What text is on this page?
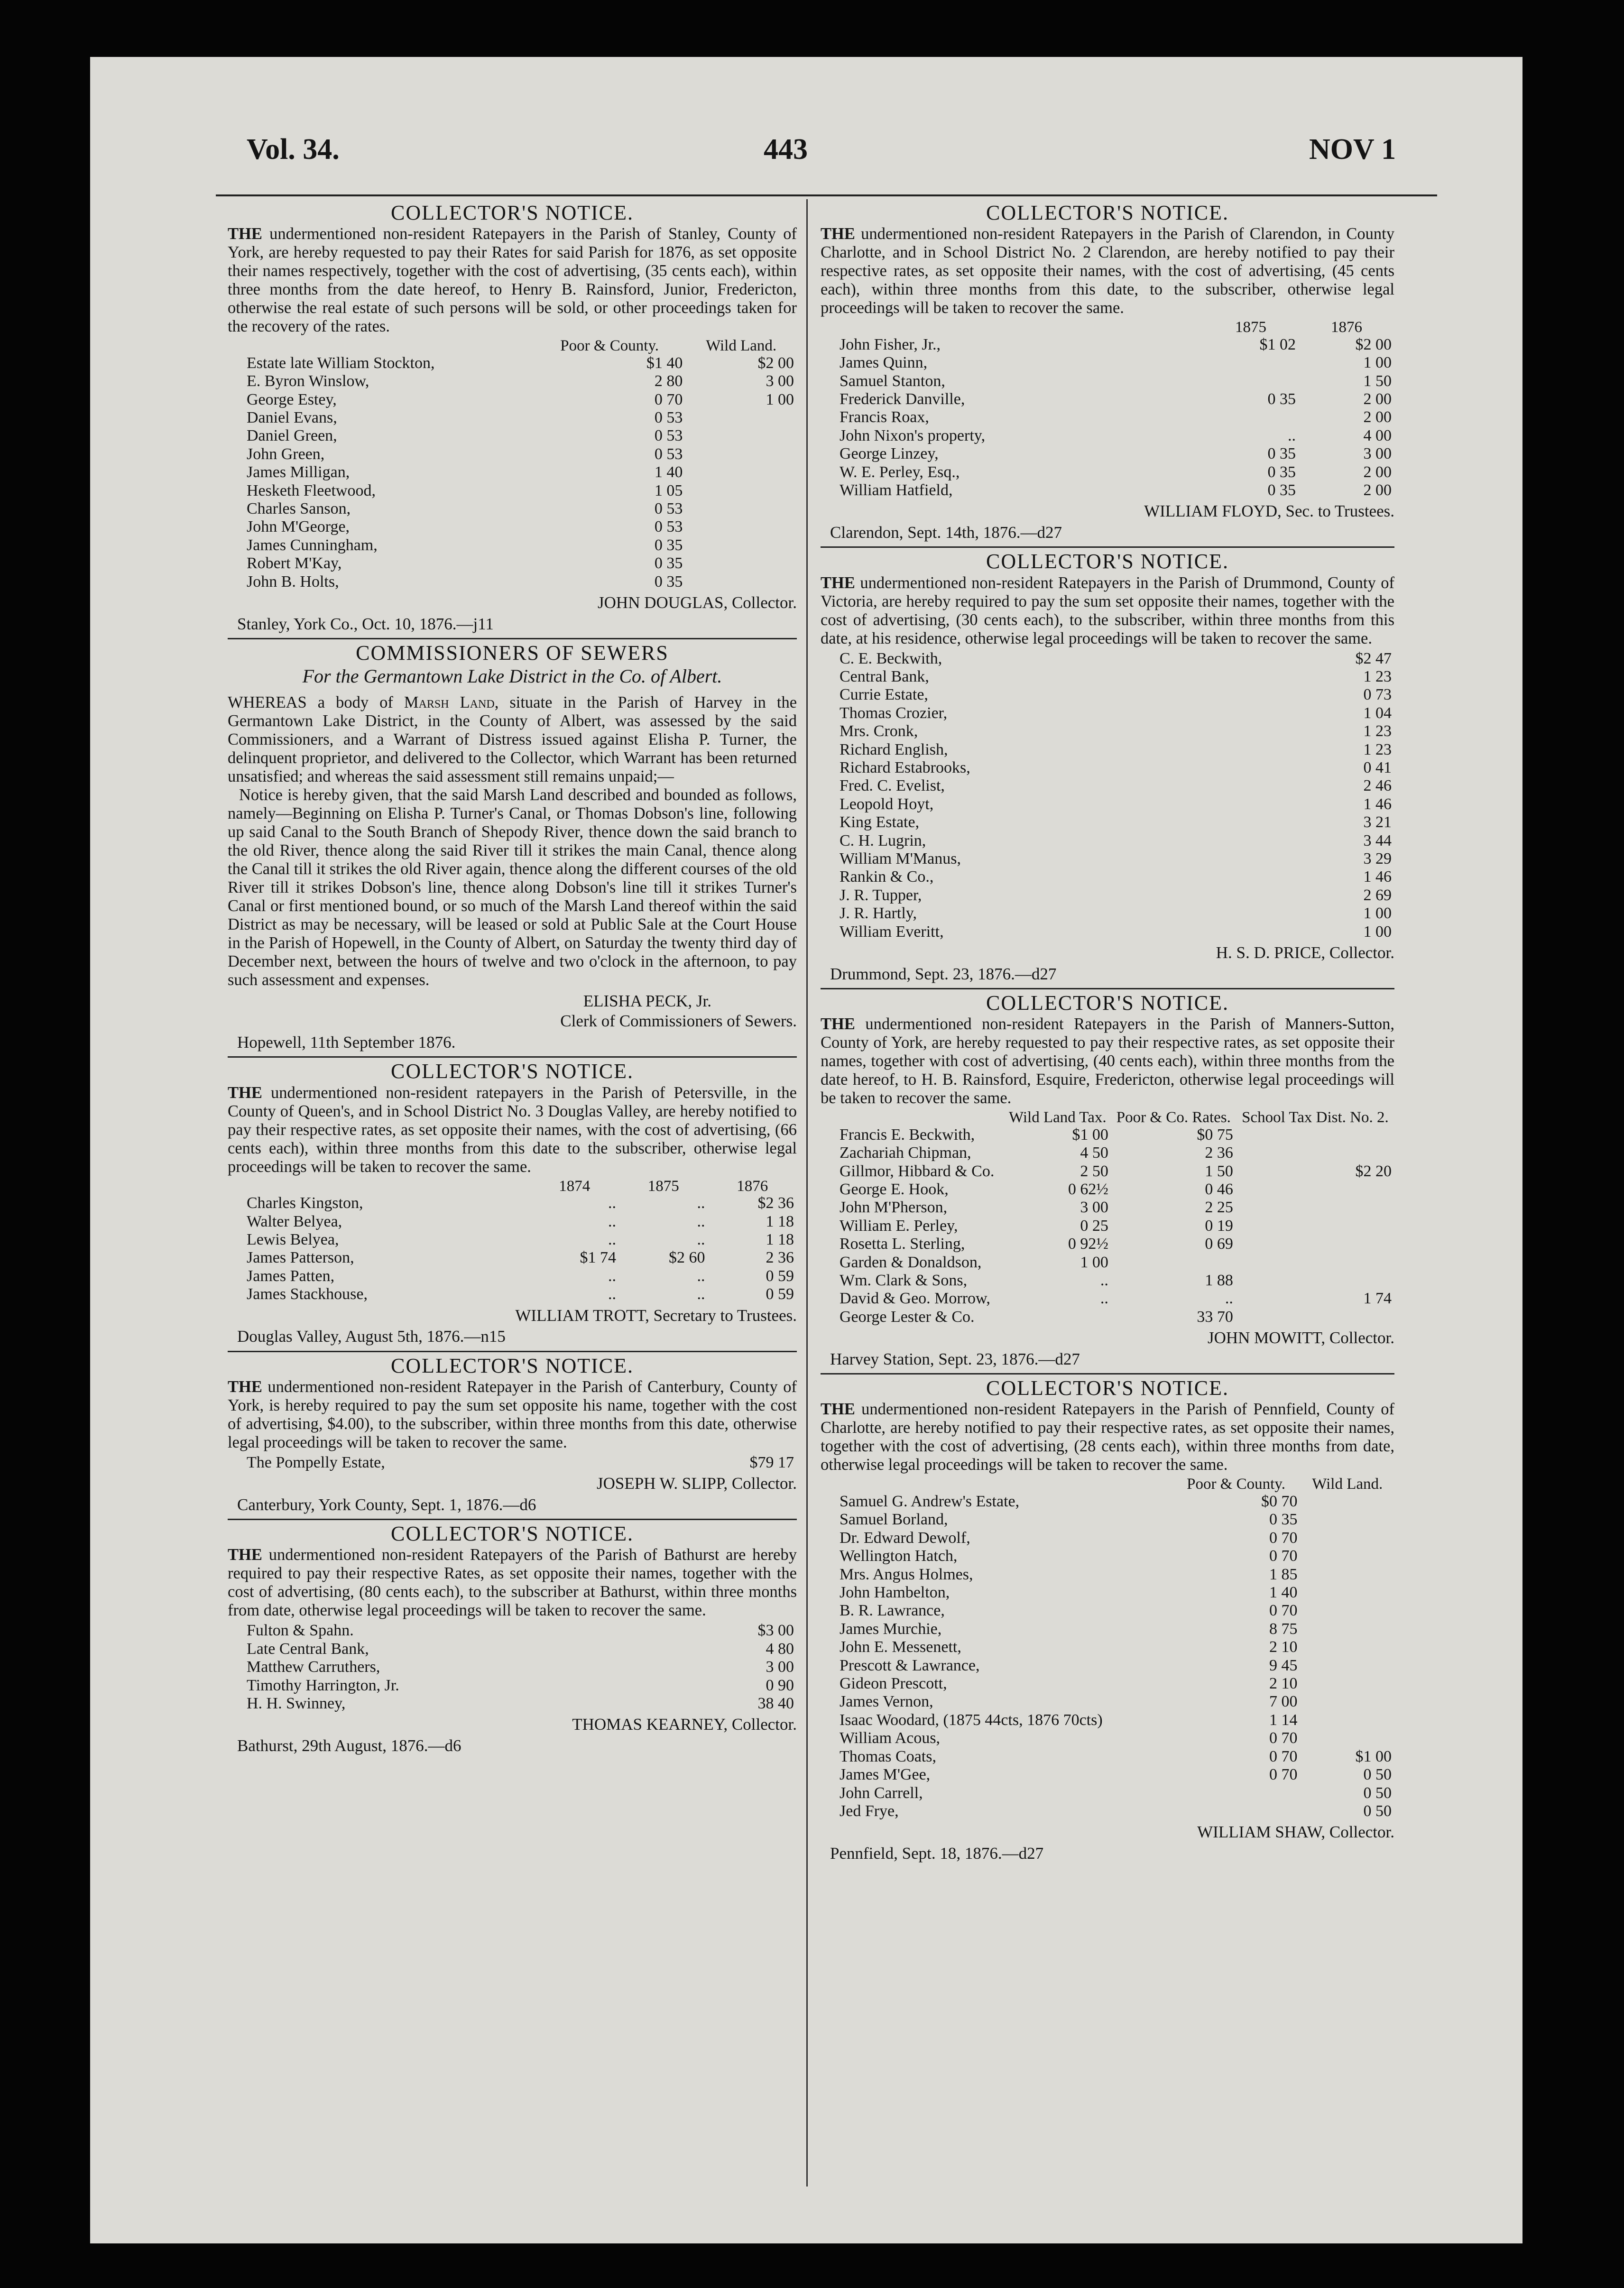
Vol. 34.	443	NOV 1
COLLECTOR'S NOTICE.

THE undermentioned non-resident Ratepayers in the Parish of Stanley, County of York, are hereby requested to pay their Rates for said Parish for 1876, as set opposite their names respectively, together with the cost of advertising, (35 cents each), within three months from the date hereof, to Henry B. Rainsford, Junior, Fredericton, otherwise the real estate of such persons will be sold, or other proceedings taken for the recovery of the rates.

	Poor & County.	Wild Land.
Estate late William Stockton,	$1 40	$2 00
E. Byron Winslow,	2 80	3 00
George Estey,	0 70	1 00
Daniel Evans,	0 53	
Daniel Green,	0 53	
John Green,	0 53	
James Milligan,	1 40	
Hesketh Fleetwood,	1 05	
Charles Sanson,	0 53	
John M'George,	0 53	
James Cunningham,	0 35	
Robert M'Kay,	0 35	
John B. Holts,	0 35	
JOHN DOUGLAS, Collector.
Stanley, York Co., Oct. 10, 1876.—j11
COMMISSIONERS OF SEWERS
For the Germantown Lake District in the Co. of Albert.

WHEREAS a body of Marsh Land, situate in the Parish of Harvey in the Germantown Lake District, in the County of Albert, was assessed by the said Commissioners, and a Warrant of Distress issued against Elisha P. Turner, the delinquent proprietor, and delivered to the Collector, which Warrant has been returned unsatisfied; and whereas the said assessment still remains unpaid;—

Notice is hereby given, that the said Marsh Land described and bounded as follows, namely—Beginning on Elisha P. Turner's Canal, or Thomas Dobson's line, following up said Canal to the South Branch of Shepody River, thence down the said branch to the old River, thence along the said River till it strikes the main Canal, thence along the Canal till it strikes the old River again, thence along the different courses of the old River till it strikes Dobson's line, thence along Dobson's line till it strikes Turner's Canal or first mentioned bound, or so much of the Marsh Land thereof within the said District as may be necessary, will be leased or sold at Public Sale at the Court House in the Parish of Hopewell, in the County of Albert, on Saturday the twenty third day of December next, between the hours of twelve and two o'clock in the afternoon, to pay such assessment and expenses.

ELISHA PECK, Jr.
Clerk of Commissioners of Sewers.
Hopewell, 11th September 1876.
COLLECTOR'S NOTICE.

THE undermentioned non-resident ratepayers in the Parish of Petersville, in the County of Queen's, and in School District No. 3 Douglas Valley, are hereby notified to pay their respective rates, as set opposite their names, with the cost of advertising, (66 cents each), within three months from this date to the subscriber, otherwise legal proceedings will be taken to recover the same.

	1874	1875	1876
Charles Kingston,	..	..	$2 36
Walter Belyea,	..	..	1 18
Lewis Belyea,	..	..	1 18
James Patterson,	$1 74	$2 60	2 36
James Patten,	..	..	0 59
James Stackhouse,	..	..	0 59
WILLIAM TROTT, Secretary to Trustees.
Douglas Valley, August 5th, 1876.—n15
COLLECTOR'S NOTICE.

THE undermentioned non-resident Ratepayer in the Parish of Canterbury, County of York, is hereby required to pay the sum set opposite his name, together with the cost of advertising, $4.00), to the subscriber, within three months from this date, otherwise legal proceedings will be taken to recover the same.

The Pompelly Estate,	$79 17
JOSEPH W. SLIPP, Collector.
Canterbury, York County, Sept. 1, 1876.—d6
COLLECTOR'S NOTICE.

THE undermentioned non-resident Ratepayers of the Parish of Bathurst are hereby required to pay their respective Rates, as set opposite their names, together with the cost of advertising, (80 cents each), to the subscriber at Bathurst, within three months from date, otherwise legal proceedings will be taken to recover the same.

Fulton & Spahn.	$3 00
Late Central Bank,	4 80
Matthew Carruthers,	3 00
Timothy Harrington, Jr.	0 90
H. H. Swinney,	38 40
THOMAS KEARNEY, Collector.
Bathurst, 29th August, 1876.—d6
COLLECTOR'S NOTICE.

THE undermentioned non-resident Ratepayers in the Parish of Clarendon, in County Charlotte, and in School District No. 2 Clarendon, are hereby notified to pay their respective rates, as set opposite their names, with the cost of advertising, (45 cents each), within three months from this date, to the subscriber, otherwise legal proceedings will be taken to recover the same.

	1875	1876
John Fisher, Jr.,	$1 02	$2 00
James Quinn,		1 00
Samuel Stanton,		1 50
Frederick Danville,	0 35	2 00
Francis Roax,		2 00
John Nixon's property,	..	4 00
George Linzey,	0 35	3 00
W. E. Perley, Esq.,	0 35	2 00
William Hatfield,	0 35	2 00
WILLIAM FLOYD, Sec. to Trustees.
Clarendon, Sept. 14th, 1876.—d27
COLLECTOR'S NOTICE.

THE undermentioned non-resident Ratepayers in the Parish of Drummond, County of Victoria, are hereby required to pay the sum set opposite their names, together with the cost of advertising, (30 cents each), to the subscriber, within three months from this date, at his residence, otherwise legal proceedings will be taken to recover the same.

C. E. Beckwith,	$2 47
Central Bank,	1 23
Currie Estate,	0 73
Thomas Crozier,	1 04
Mrs. Cronk,	1 23
Richard English,	1 23
Richard Estabrooks,	0 41
Fred. C. Evelist,	2 46
Leopold Hoyt,	1 46
King Estate,	3 21
C. H. Lugrin,	3 44
William M'Manus,	3 29
Rankin & Co.,	1 46
J. R. Tupper,	2 69
J. R. Hartly,	1 00
William Everitt,	1 00
H. S. D. PRICE, Collector.
Drummond, Sept. 23, 1876.—d27
COLLECTOR'S NOTICE.

THE undermentioned non-resident Ratepayers in the Parish of Manners-Sutton, County of York, are hereby requested to pay their respective rates, as set opposite their names, together with cost of advertising, (40 cents each), within three months from the date hereof, to H. B. Rainsford, Esquire, Fredericton, otherwise legal proceedings will be taken to recover the same.

	Wild Land Tax.	Poor & Co. Rates.	School Tax Dist. No. 2.
Francis E. Beckwith,	$1 00	$0 75	
Zachariah Chipman,	4 50	2 36	
Gillmor, Hibbard & Co.	2 50	1 50	$2 20
George E. Hook,	0 62½	0 46	
John M'Pherson,	3 00	2 25	
William E. Perley,	0 25	0 19	
Rosetta L. Sterling,	0 92½	0 69	
Garden & Donaldson,	1 00		
Wm. Clark & Sons,	..	1 88	
David & Geo. Morrow,	..	..	1 74
George Lester & Co.		33 70	
JOHN MOWITT, Collector.
Harvey Station, Sept. 23, 1876.—d27
COLLECTOR'S NOTICE.

THE undermentioned non-resident Ratepayers in the Parish of Pennfield, County of Charlotte, are hereby notified to pay their respective rates, as set opposite their names, together with the cost of advertising, (28 cents each), within three months from date, otherwise legal proceedings will be taken to recover the same.

	Poor & County.	Wild Land.
Samuel G. Andrew's Estate,	$0 70	
Samuel Borland,	0 35	
Dr. Edward Dewolf,	0 70	
Wellington Hatch,	0 70	
Mrs. Angus Holmes,	1 85	
John Hambelton,	1 40	
B. R. Lawrance,	0 70	
James Murchie,	8 75	
John E. Messenett,	2 10	
Prescott & Lawrance,	9 45	
Gideon Prescott,	2 10	
James Vernon,	7 00	
Isaac Woodard, (1875 44cts, 1876 70cts)	1 14	
William Acous,	0 70	
Thomas Coats,	0 70	$1 00
James M'Gee,	0 70	0 50
John Carrell,		0 50
Jed Frye,		0 50
WILLIAM SHAW, Collector.
Pennfield, Sept. 18, 1876.—d27
